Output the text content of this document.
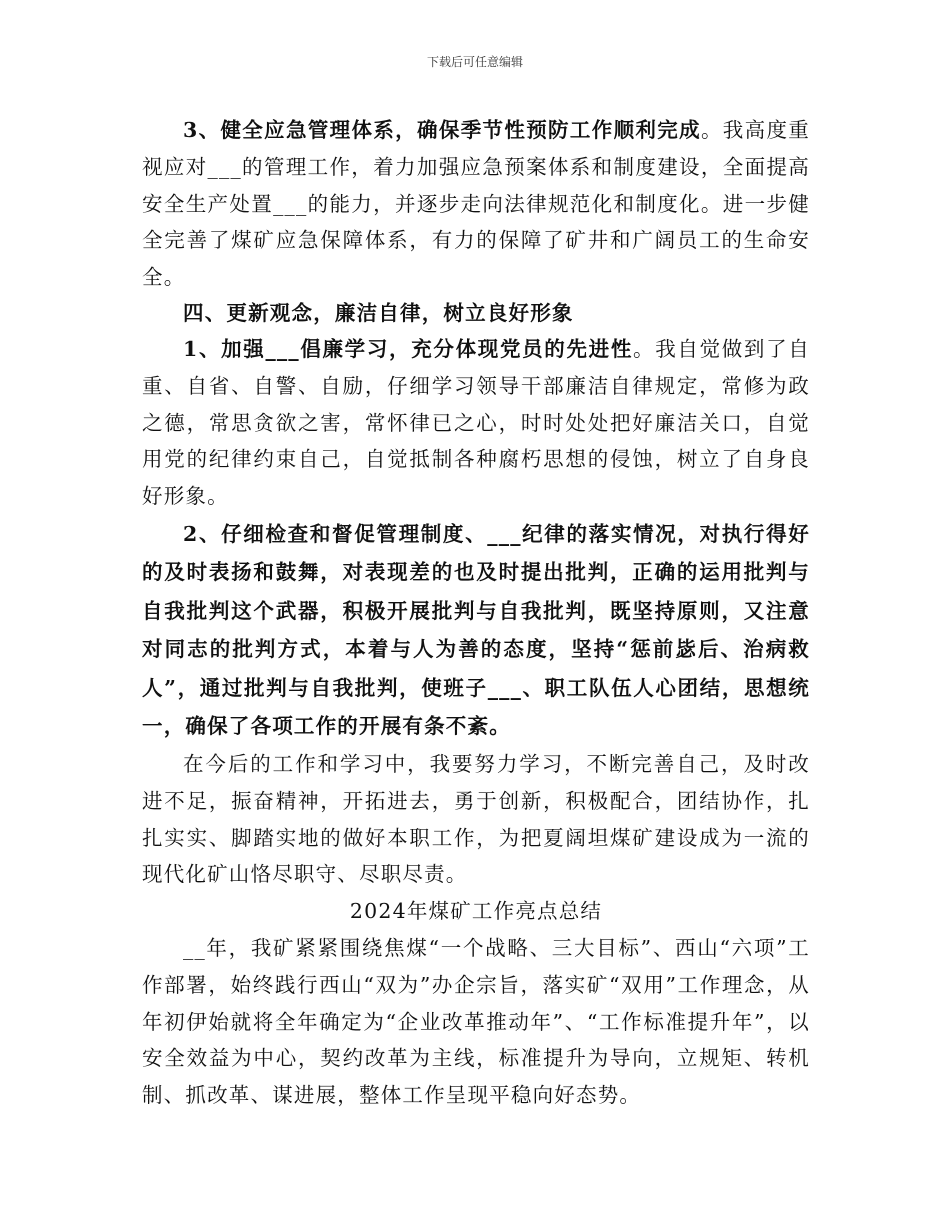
下载后可任意编辑

3、健全应急管理体系，确保季节性预防工作顺利完成。我高度重视应对___的管理工作，着力加强应急预案体系和制度建设，全面提高安全生产处置___的能力，并逐步走向法律规范化和制度化。进一步健全完善了煤矿应急保障体系，有力的保障了矿井和广阔员工的生命安全。

四、更新观念，廉洁自律，树立良好形象

1、加强___倡廉学习，充分体现党员的先进性。我自觉做到了自重、自省、自警、自励，仔细学习领导干部廉洁自律规定，常修为政之德，常思贪欲之害，常怀律已之心，时时处处把好廉洁关口，自觉用党的纪律约束自己，自觉抵制各种腐朽思想的侵蚀，树立了自身良好形象。

2、仔细检查和督促管理制度、___纪律的落实情况，对执行得好的及时表扬和鼓舞，对表现差的也及时提出批判，正确的运用批判与自我批判这个武器，积极开展批判与自我批判，既坚持原则，又注意对同志的批判方式，本着与人为善的态度，坚持“惩前毖后、治病救人”，通过批判与自我批判，使班子___、职工队伍人心团结，思想统一，确保了各项工作的开展有条不紊。

在今后的工作和学习中，我要努力学习，不断完善自己，及时改进不足，振奋精神，开拓进去，勇于创新，积极配合，团结协作，扎扎实实、脚踏实地的做好本职工作，为把夏阔坦煤矿建设成为一流的现代化矿山恪尽职守、尽职尽责。

2024年煤矿工作亮点总结

__年，我矿紧紧围绕焦煤“一个战略、三大目标”、西山“六项”工作部署，始终践行西山“双为”办企宗旨，落实矿“双用”工作理念，从年初伊始就将全年确定为“企业改革推动年”、“工作标准提升年”，以安全效益为中心，契约改革为主线，标准提升为导向，立规矩、转机制、抓改革、谋进展，整体工作呈现平稳向好态势。
